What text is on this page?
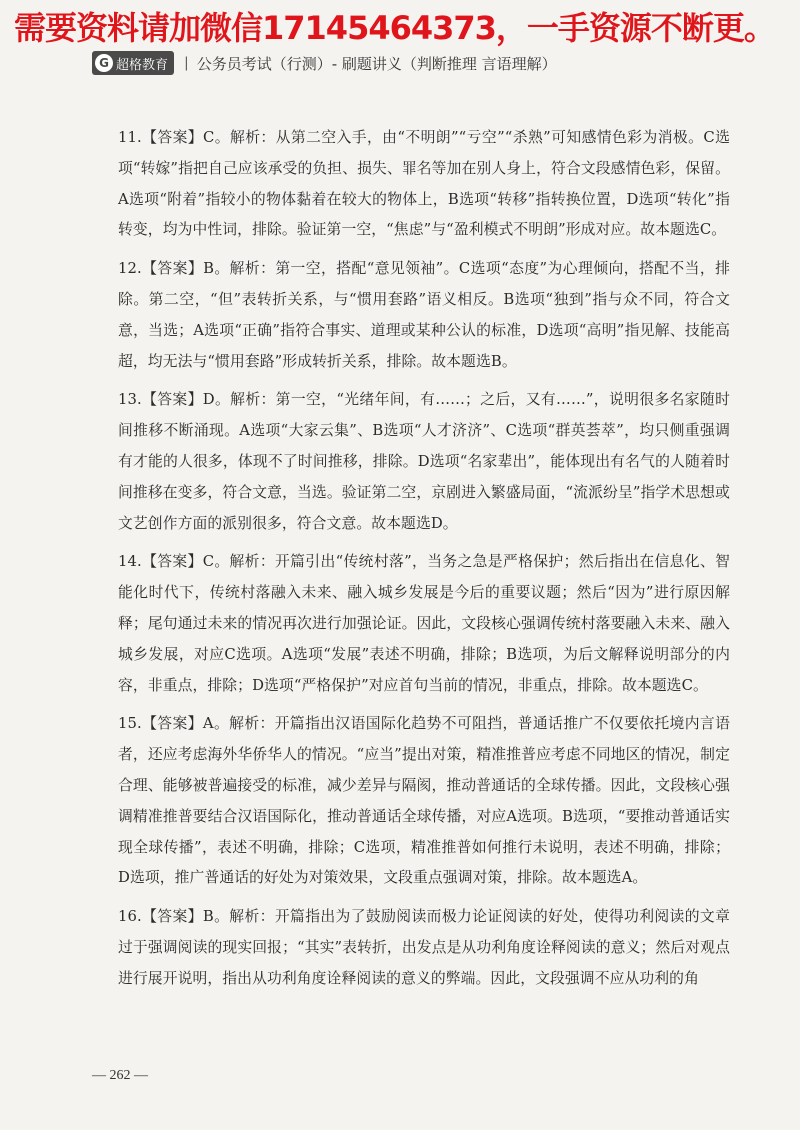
需要资料请加微信17145464373，一手资源不断更。
G 超格教育 | 公务员考试（行测）- 刷题讲义（判断推理 言语理解）

11.【答案】C。解析：从第二空入手，由“不明朗”“亏空”“杀熟”可知感情色彩为消极。C选项“转嫁”指把自己应该承受的负担、损失、罪名等加在别人身上，符合文段感情色彩，保留。A选项“附着”指较小的物体黏着在较大的物体上，B选项“转移”指转换位置，D选项“转化”指转变，均为中性词，排除。验证第一空，“焦虑”与“盈利模式不明朗”形成对应。故本题选C。

12.【答案】B。解析：第一空，搭配“意见领袖”。C选项“态度”为心理倾向，搭配不当，排除。第二空，“但”表转折关系，与“惯用套路”语义相反。B选项“独到”指与众不同，符合文意，当选；A选项“正确”指符合事实、道理或某种公认的标准，D选项“高明”指见解、技能高超，均无法与“惯用套路”形成转折关系，排除。故本题选B。

13.【答案】D。解析：第一空，“光绪年间，有……；之后，又有……”，说明很多名家随时间推移不断涌现。A选项“大家云集”、B选项“人才济济”、C选项“群英荟萃”，均只侧重强调有才能的人很多，体现不了时间推移，排除。D选项“名家辈出”，能体现出有名气的人随着时间推移在变多，符合文意，当选。验证第二空，京剧进入繁盛局面，“流派纷呈”指学术思想或文艺创作方面的派别很多，符合文意。故本题选D。

14.【答案】C。解析：开篇引出“传统村落”，当务之急是严格保护；然后指出在信息化、智能化时代下，传统村落融入未来、融入城乡发展是今后的重要议题；然后“因为”进行原因解释；尾句通过未来的情况再次进行加强论证。因此，文段核心强调传统村落要融入未来、融入城乡发展，对应C选项。A选项“发展”表述不明确，排除；B选项，为后文解释说明部分的内容，非重点，排除；D选项“严格保护”对应首句当前的情况，非重点，排除。故本题选C。

15.【答案】A。解析：开篇指出汉语国际化趋势不可阻挡，普通话推广不仅要依托境内言语者，还应考虑海外华侨华人的情况。“应当”提出对策，精准推普应考虑不同地区的情况，制定合理、能够被普遍接受的标准，减少差异与隔阂，推动普通话的全球传播。因此，文段核心强调精准推普要结合汉语国际化，推动普通话全球传播，对应A选项。B选项，“要推动普通话实现全球传播”，表述不明确，排除；C选项，精准推普如何推行未说明，表述不明确，排除；D选项，推广普通话的好处为对策效果，文段重点强调对策，排除。故本题选A。

16.【答案】B。解析：开篇指出为了鼓励阅读而极力论证阅读的好处，使得功利阅读的文章过于强调阅读的现实回报；“其实”表转折，出发点是从功利角度诠释阅读的意义；然后对观点进行展开说明，指出从功利角度诠释阅读的意义的弊端。因此，文段强调不应从功利的角

— 262 —
